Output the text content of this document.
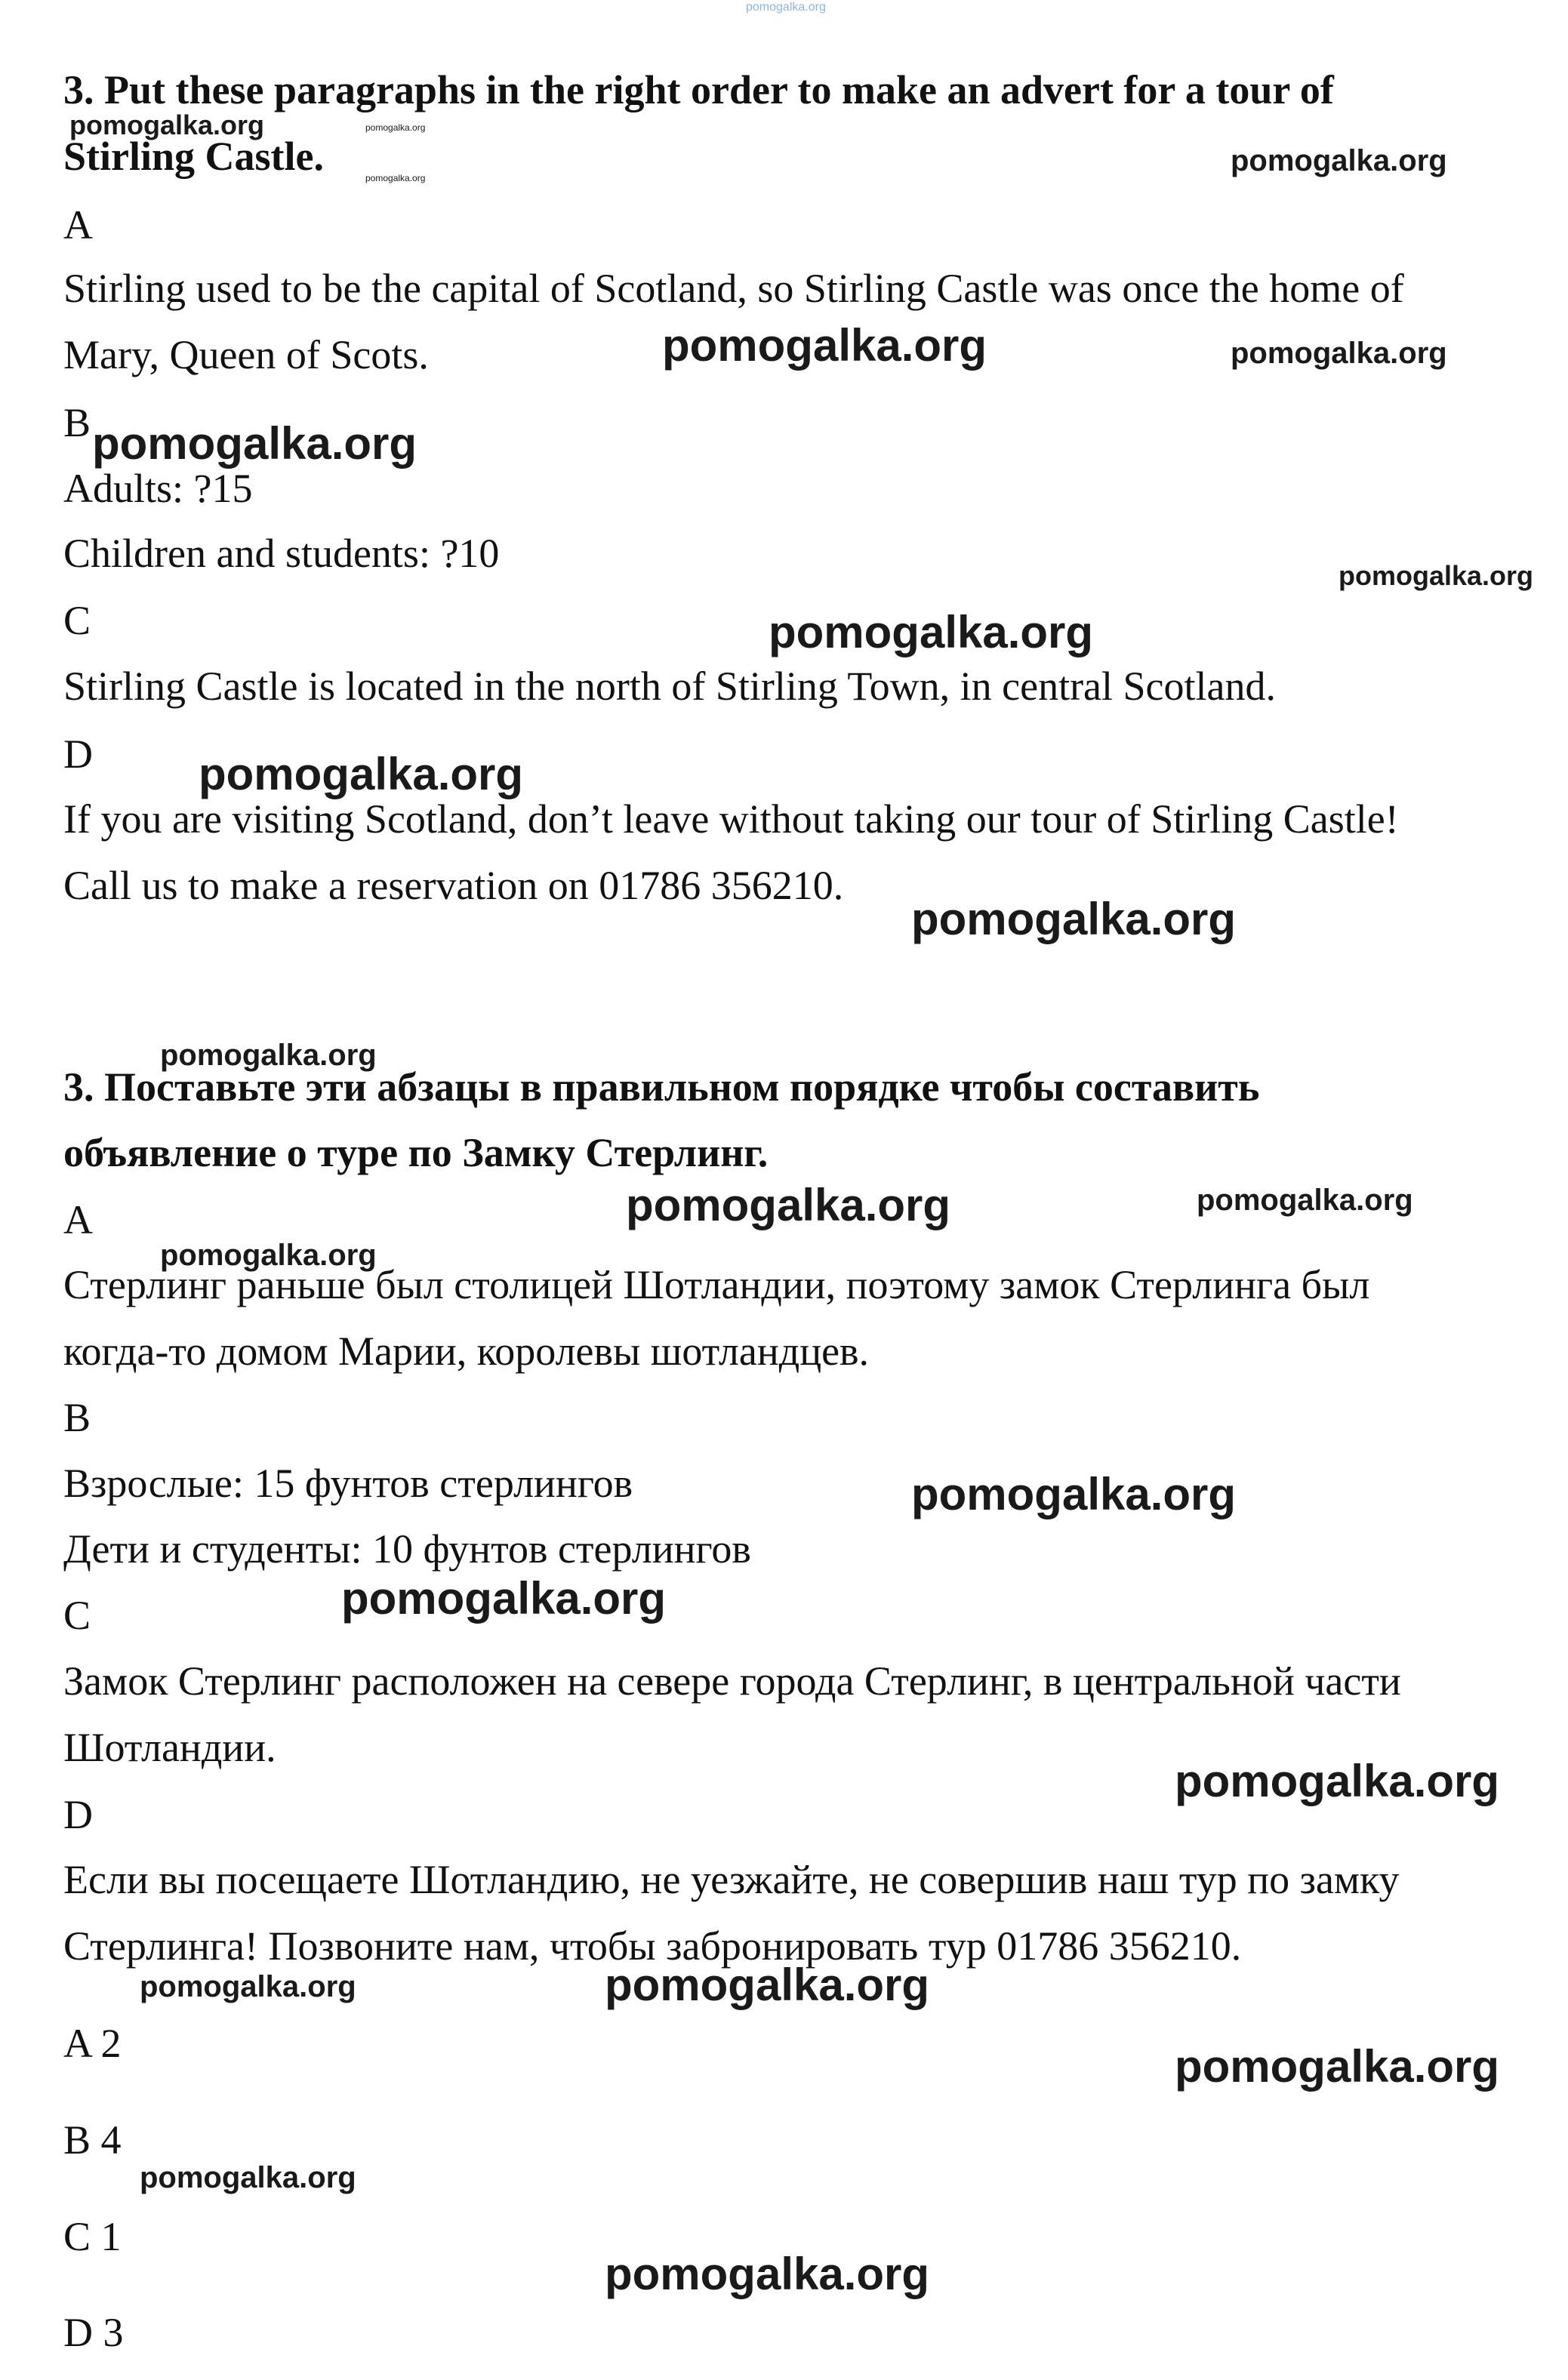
3. Put these paragraphs in the right order to make an advert for a tour of
Stirling Castle.
A
Stirling used to be the capital of Scotland, so Stirling Castle was once the home of
Mary, Queen of Scots.
B
Adults: ?15
Children and students: ?10
C
Stirling Castle is located in the north of Stirling Town, in central Scotland.
D
If you are visiting Scotland, don’t leave without taking our tour of Stirling Castle!
Call us to make a reservation on 01786 356210.
3. Поставьте эти абзацы в правильном порядке чтобы составить
объявление о туре по Замку Стерлинг.
A
Стерлинг раньше был столицей Шотландии, поэтому замок Стерлинга был
когда-то домом Марии, королевы шотландцев.
B
Взрослые: 15 фунтов стерлингов
Дети и студенты: 10 фунтов стерлингов
C
Замок Стерлинг расположен на севере города Стерлинг, в центральной части
Шотландии.
D
Если вы посещаете Шотландию, не уезжайте, не совершив наш тур по замку
Стерлинга! Позвоните нам, чтобы забронировать тур 01786 356210.
A 2
B 4
C 1
D 3
pomogalka.org
pomogalka.org	pomogalka.org
pomogalka.org
pomogalka.org
pomogalka.org	pomogalka.org
pomogalka.org
pomogalka.org
pomogalka.org
pomogalka.org
pomogalka.org
pomogalka.org
pomogalka.org	pomogalka.org
pomogalka.org
pomogalka.org
pomogalka.org
pomogalka.org
pomogalka.org	pomogalka.org
pomogalka.org
pomogalka.org
pomogalka.org
